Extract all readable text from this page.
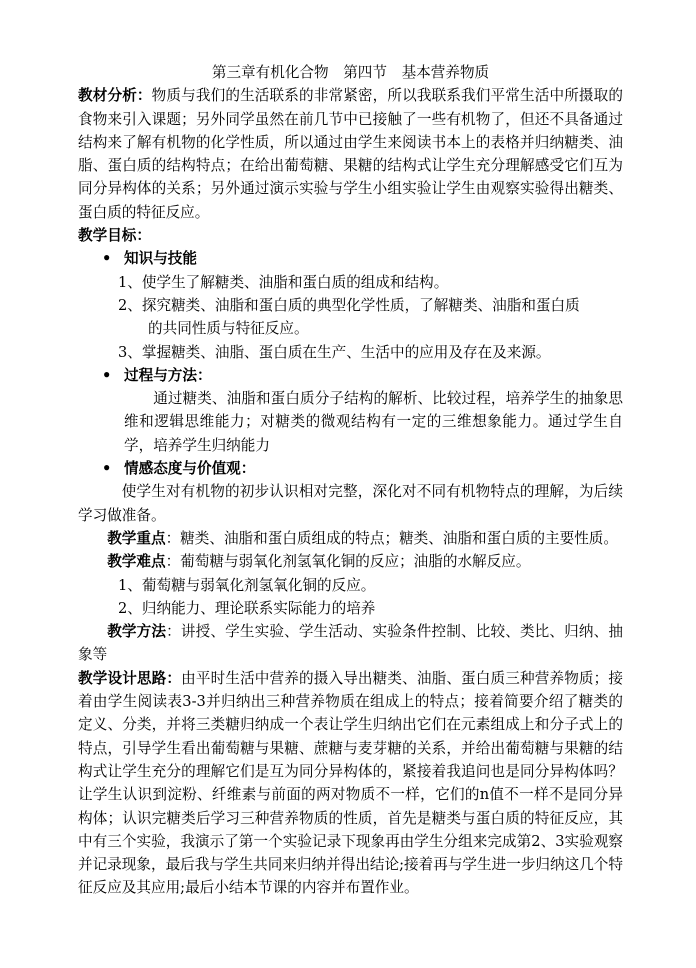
第三章有机化合物　第四节　基本营养物质

教材分析：物质与我们的生活联系的非常紧密，所以我联系我们平常生活中所摄取的食物来引入课题；另外同学虽然在前几节中已接触了一些有机物了，但还不具备通过结构来了解有机物的化学性质，所以通过由学生来阅读书本上的表格并归纳糖类、油脂、蛋白质的结构特点；在给出葡萄糖、果糖的结构式让学生充分理解感受它们互为同分异构体的关系；另外通过演示实验与学生小组实验让学生由观察实验得出糖类、蛋白质的特征反应。

教学目标：

• 知识与技能

1、使学生了解糖类、油脂和蛋白质的组成和结构。

2、探究糖类、油脂和蛋白质的典型化学性质，了解糖类、油脂和蛋白质

的共同性质与特征反应。

3、掌握糖类、油脂、蛋白质在生产、生活中的应用及存在及来源。

• 过程与方法：

通过糖类、油脂和蛋白质分子结构的解析、比较过程，培养学生的抽象思维和逻辑思维能力；对糖类的微观结构有一定的三维想象能力。通过学生自学，培养学生归纳能力

• 情感态度与价值观：

使学生对有机物的初步认识相对完整，深化对不同有机物特点的理解，为后续学习做准备。

教学重点：糖类、油脂和蛋白质组成的特点；糖类、油脂和蛋白质的主要性质。

教学难点：葡萄糖与弱氧化剂氢氧化铜的反应；油脂的水解反应。

1、葡萄糖与弱氧化剂氢氧化铜的反应。

2、归纳能力、理论联系实际能力的培养

教学方法：讲授、学生实验、学生活动、实验条件控制、比较、类比、归纳、抽象等

教学设计思路：由平时生活中营养的摄入导出糖类、油脂、蛋白质三种营养物质；接着由学生阅读表3-3并归纳出三种营养物质在组成上的特点；接着简要介绍了糖类的定义、分类，并将三类糖归纳成一个表让学生归纳出它们在元素组成上和分子式上的特点，引导学生看出葡萄糖与果糖、蔗糖与麦芽糖的关系，并给出葡萄糖与果糖的结构式让学生充分的理解它们是互为同分异构体的，紧接着我追问也是同分异构体吗？让学生认识到淀粉、纤维素与前面的两对物质不一样，它们的n值不一样不是同分异构体；认识完糖类后学习三种营养物质的性质，首先是糖类与蛋白质的特征反应，其中有三个实验，我演示了第一个实验记录下现象再由学生分组来完成第2、3实验观察并记录现象，最后我与学生共同来归纳并得出结论;接着再与学生进一步归纳这几个特征反应及其应用;最后小结本节课的内容并布置作业。
